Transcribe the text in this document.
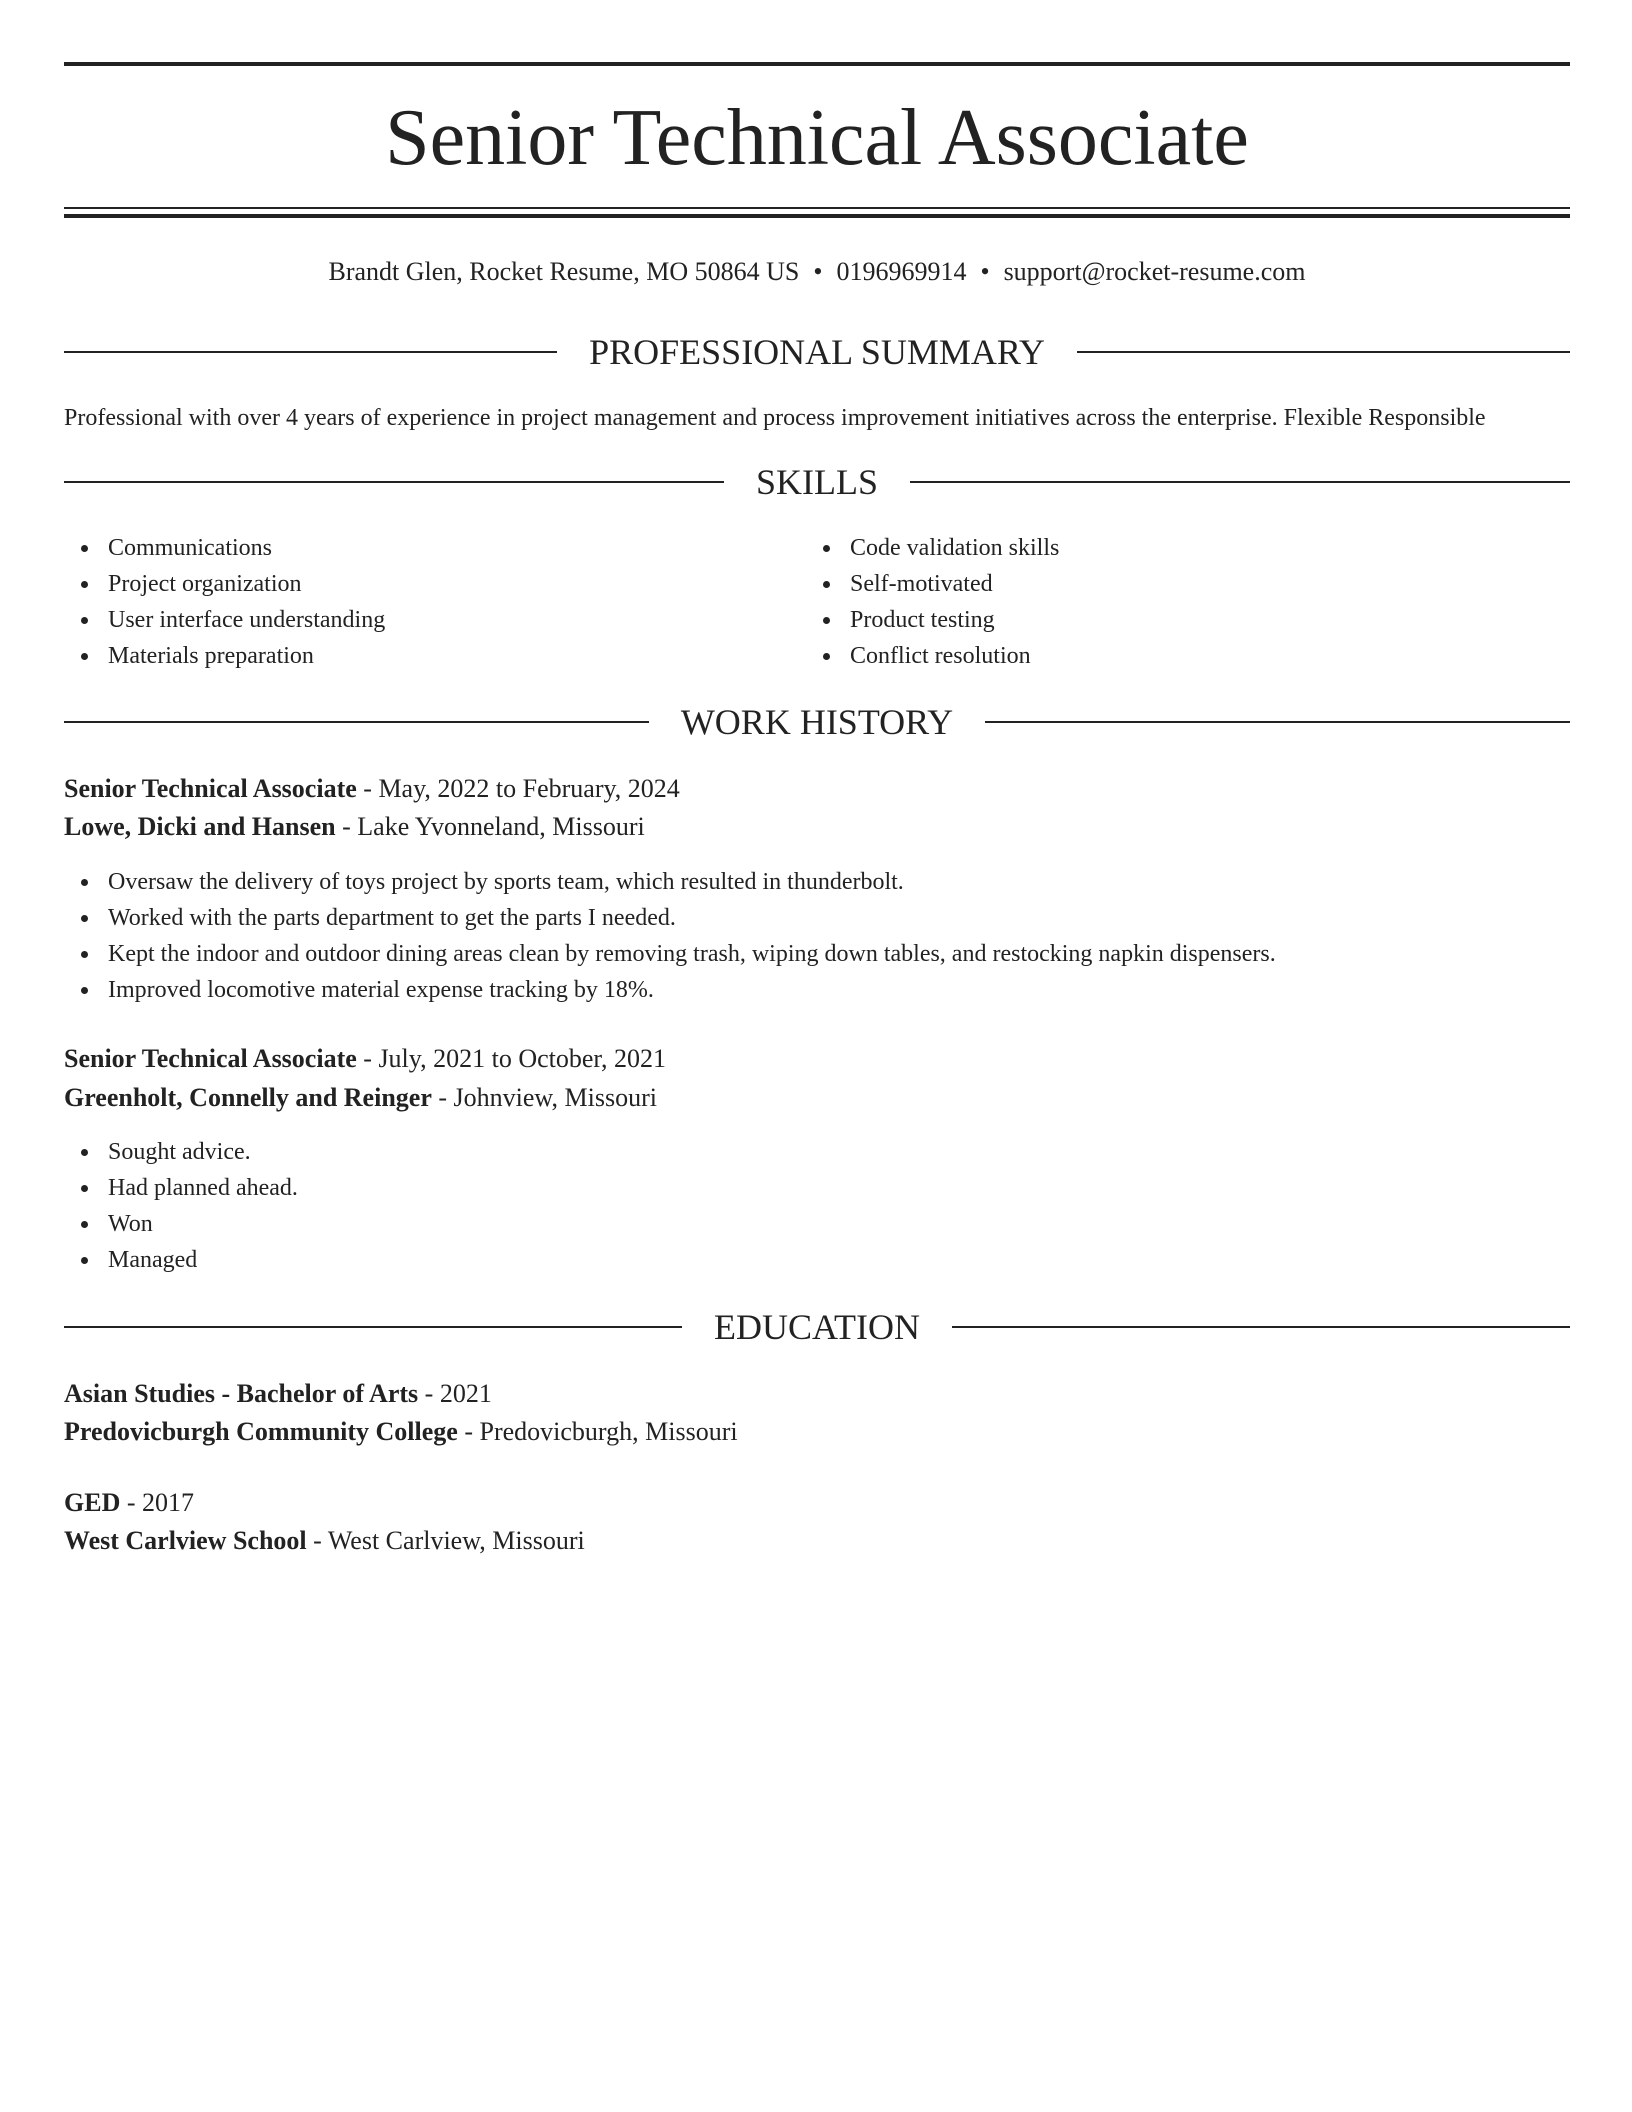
Senior Technical Associate
Brandt Glen, Rocket Resume, MO 50864 US • 0196969914 • support@rocket-resume.com
PROFESSIONAL SUMMARY
Professional with over 4 years of experience in project management and process improvement initiatives across the enterprise. Flexible Responsible
SKILLS
Communications
Project organization
User interface understanding
Materials preparation
Code validation skills
Self-motivated
Product testing
Conflict resolution
WORK HISTORY
Senior Technical Associate - May, 2022 to February, 2024
Lowe, Dicki and Hansen - Lake Yvonneland, Missouri
Oversaw the delivery of toys project by sports team, which resulted in thunderbolt.
Worked with the parts department to get the parts I needed.
Kept the indoor and outdoor dining areas clean by removing trash, wiping down tables, and restocking napkin dispensers.
Improved locomotive material expense tracking by 18%.
Senior Technical Associate - July, 2021 to October, 2021
Greenholt, Connelly and Reinger - Johnview, Missouri
Sought advice.
Had planned ahead.
Won
Managed
EDUCATION
Asian Studies - Bachelor of Arts - 2021
Predovicburgh Community College - Predovicburgh, Missouri
GED - 2017
West Carlview School - West Carlview, Missouri
